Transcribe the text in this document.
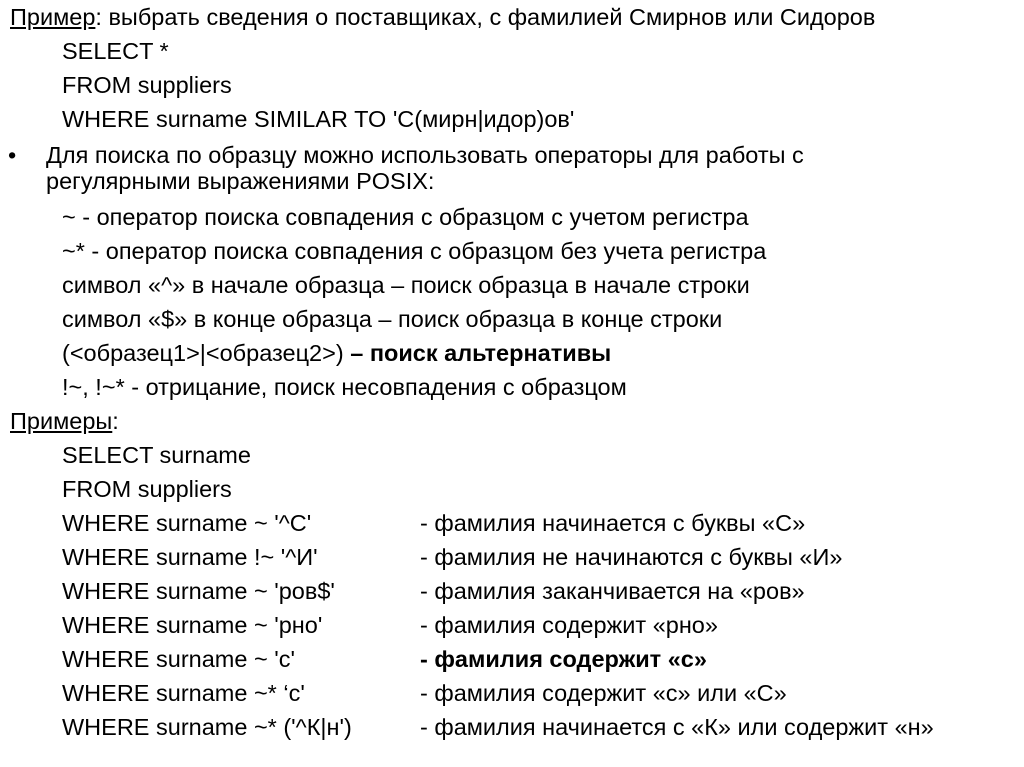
Пример: выбрать сведения о поставщиках, с фамилией Смирнов или Сидоров
SELECT *
FROM suppliers
WHERE surname SIMILAR TO 'С(мирн|идор)ов'
• Для поиска по образцу можно использовать операторы для работы с
регулярными выражениями POSIX:
~ - оператор поиска совпадения с образцом с учетом регистра
~* - оператор поиска совпадения с образцом без учета регистра
символ «^» в начале образца – поиск образца в начале строки
символ «$» в конце образца – поиск образца в конце строки
(<образец1>|<образец2>) – поиск альтернативы
!~, !~* - отрицание, поиск несовпадения с образцом
Примеры:
SELECT surname
FROM suppliers
WHERE surname ~ '^С'	- фамилия начинается с буквы «С»
WHERE surname !~ '^И'	- фамилия не начинаются с буквы «И»
WHERE surname ~ 'ров$'	- фамилия заканчивается на «ров»
WHERE surname ~ 'рно'	- фамилия содержит «рно»
WHERE surname ~ 'с'	- фамилия содержит «с»
WHERE surname ~* ‘с'	- фамилия содержит «с» или «С»
WHERE surname ~* ('^К|н')	- фамилия начинается с «К» или содержит «н»
